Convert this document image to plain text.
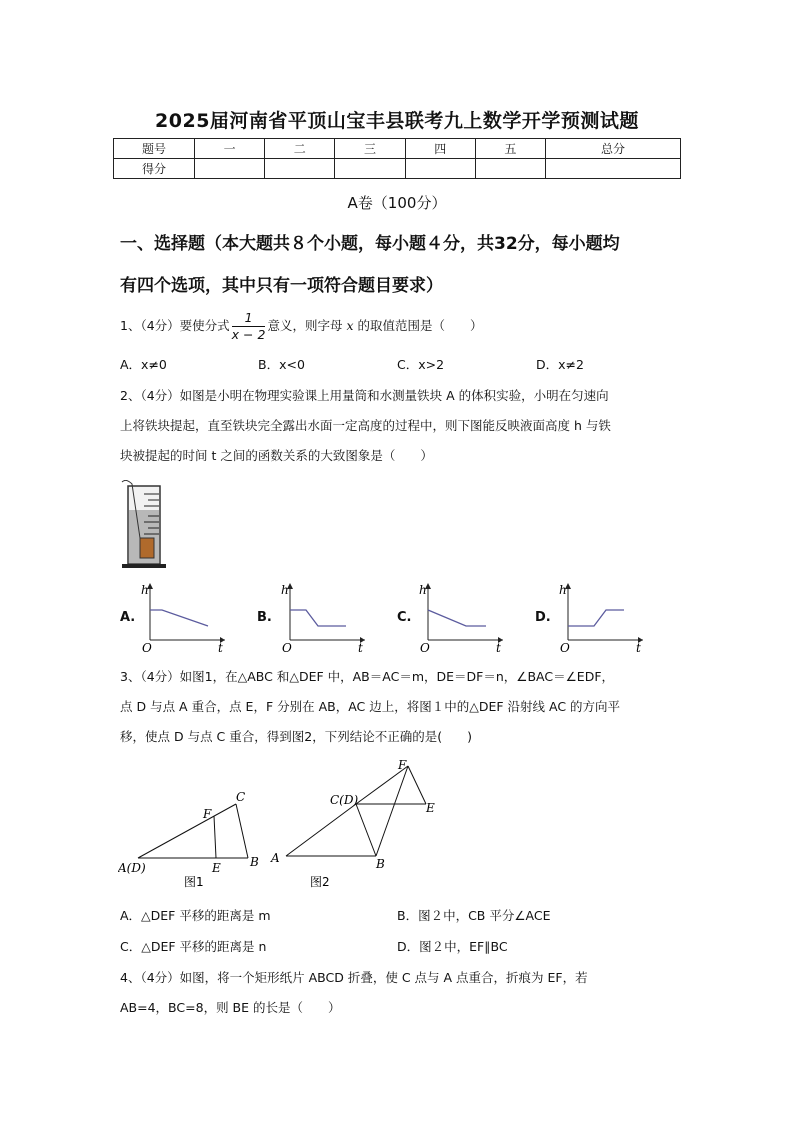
2025届河南省平顶山宝丰县联考九上数学开学预测试题
题号	一	二	三	四	五	总分
得分						
A卷（100分）
一、选择题（本大题共８个小题，每小题４分，共32分，每小题均
有四个选项，其中只有一项符合题目要求）
1、（4分）要使分式 $\frac{1}{x - 2}$ 意义，则字母 x 的取值范围是（　　）
A．x≠0	B．x<0	C．x>2	D．x≠2
2、（4分）如图是小明在物理实验课上用量筒和水测量铁块 A 的体积实验，小明在匀速向
上将铁块提起，直至铁块完全露出水面一定高度的过程中，则下图能反映液面高度 h 与铁
块被提起的时间 t 之间的函数关系的大致图象是（　　）
A.	B.	C.	D.
O
h
t	O
h
t	O
h
t	O
h
t
3、（4分）如图1，在△ABC 和△DEF 中，AB＝AC＝m，DE＝DF＝n，∠BAC＝∠EDF，
点 D 与点 A 重合，点 E，F 分别在 AB，AC 边上，将图１中的△DEF 沿射线 AC 的方向平
移，使点 D 与点 C 重合，得到图2，下列结论不正确的是(　　)
A(D)	B
C
F
E
图1
A	B
C(D)
E
F
图2
A．△DEF 平移的距离是 m	B．图２中，CB 平分∠ACE
C．△DEF 平移的距离是 n	D．图２中，EF∥BC
4、（4分）如图，将一个矩形纸片 ABCD 折叠，使 C 点与 A 点重合，折痕为 EF，若
AB=4，BC=8，则 BE 的长是（　　）
